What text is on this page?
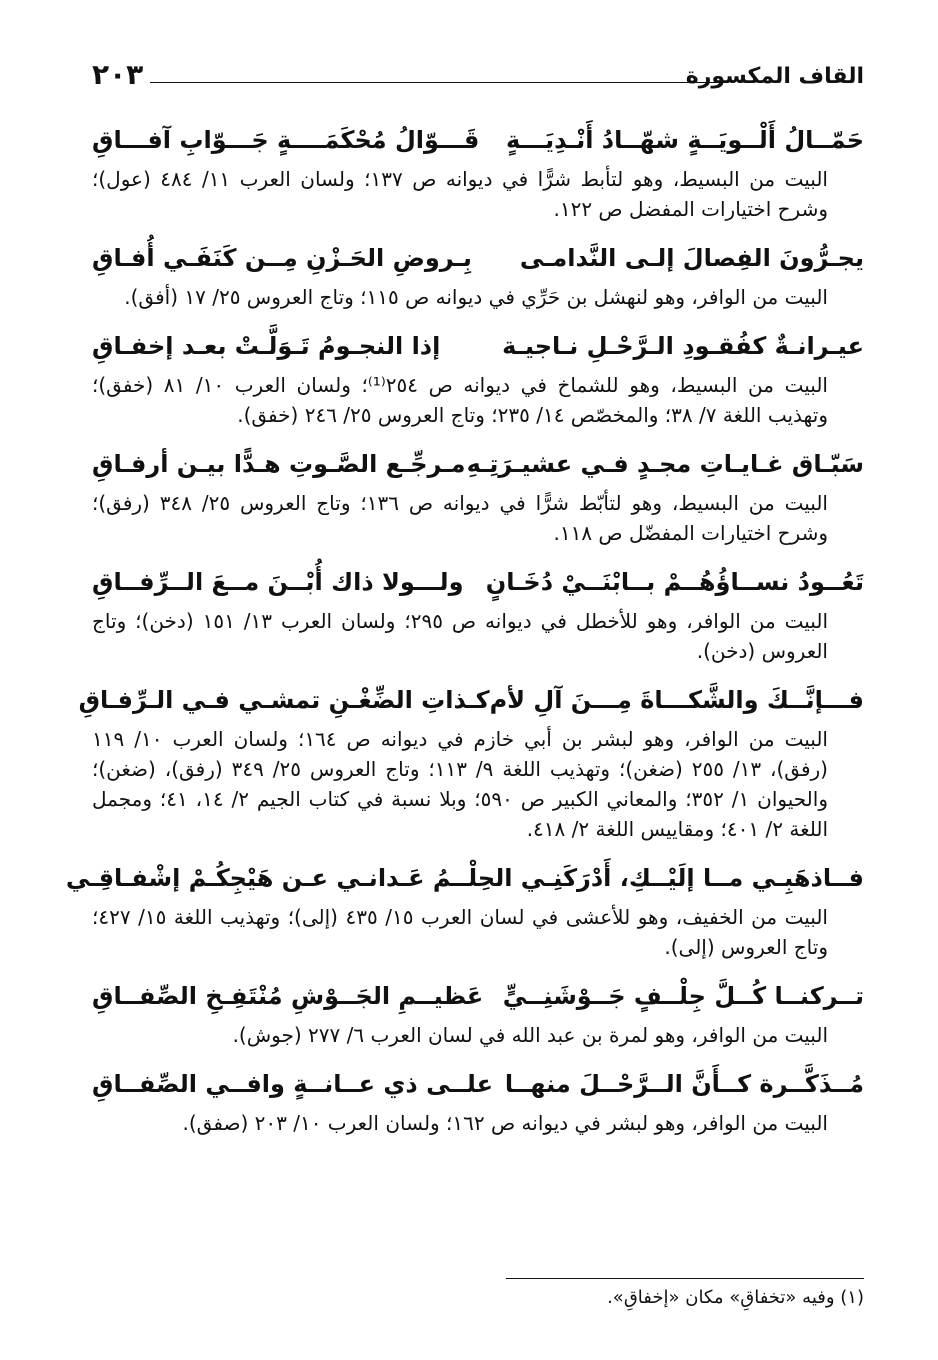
القاف المكسورة
٢٠٣
حَمّــالُ أَلْــويَــةٍ شهّــادُ أَنْـدِيَـــةٍ
قَـــوّالُ مُحْكَمَــــةٍ جَـــوّابِ آفـــاقِ
البيت من البسيط، وهو لتأبط شرًّا في ديوانه ص ١٣٧؛ ولسان العرب ١١/ ٤٨٤ (عول)؛ وشرح اختيارات المفضل ص ١٢٢.
يجـرُّونَ الفِصالَ إلـى النَّدامـى
بِـروضِ الحَـزْنِ مِــن كَنَفَـي أُفـاقِ
البيت من الوافر، وهو لنهشل بن حَرِّي في ديوانه ص ١١٥؛ وتاج العروس ٢٥/ ١٧ (أفق).
عيـرانـةٌ كفُقـودِ الـرَّحْـلِ نـاجيـة
إذا النجـومُ تَـوَلَّـتْ بعـد إخفـاقِ
البيت من البسيط، وهو للشماخ في ديوانه ص ٢٥٤⁽¹⁾؛ ولسان العرب ١٠/ ٨١ (خفق)؛ وتهذيب اللغة ٧/ ٣٨؛ والمخصّص ١٤/ ٢٣٥؛ وتاج العروس ٢٥/ ٢٤٦ (خفق).
سَبّـاق غـايـاتِ مجـدٍ فـي عشيـرَتِـهِ
مـرجِّـع الصَّـوتِ هـدًّا بيـن أرفـاقِ
البيت من البسيط، وهو لتأبّط شرًّا في ديوانه ص ١٣٦؛ وتاج العروس ٢٥/ ٣٤٨ (رفق)؛ وشرح اختيارات المفضّل ص ١١٨.
تَعُــودُ نســاؤُهُــمْ بــابْنَــيْ دُخَـانٍ
ولـــولا ذاك أُبْــنَ مــعَ الــرِّفــاقِ
البيت من الوافر، وهو للأخطل في ديوانه ص ٢٩٥؛ ولسان العرب ١٣/ ١٥١ (دخن)؛ وتاج العروس (دخن).
فـــإنَّــكَ والشَّكـــاةَ مِـــنَ آلِ لأم
كـذاتِ الضِّغْـنِ تمشـي فـي الـرِّفـاقِ
البيت من الوافر، وهو لبشر بن أبي خازم في ديوانه ص ١٦٤؛ ولسان العرب ١٠/ ١١٩ (رفق)، ١٣/ ٢٥٥ (ضغن)؛ وتهذيب اللغة ٩/ ١١٣؛ وتاج العروس ٢٥/ ٣٤٩ (رفق)، (ضغن)؛ والحيوان ١/ ٣٥٢؛ والمعاني الكبير ص ٥٩٠؛ وبلا نسبة في كتاب الجيم ٢/ ١٤، ٤١؛ ومجمل اللغة ٢/ ٤٠١؛ ومقاييس اللغة ٢/ ٤١٨.
فــاذهَبِـي مــا إلَيْــكِ، أَدْرَكَنِـي الحِلْـ
ـمُ عَـدانـي عـن هَيْجِكُـمْ إشْفـاقِـي
البيت من الخفيف، وهو للأعشى في لسان العرب ١٥/ ٤٣٥ (إلى)؛ وتهذيب اللغة ١٥/ ٤٢٧؛ وتاج العروس (إلى).
تــركنــا كُــلَّ جِلْــفٍ جَــوْشَنِــيٍّ
عَظيــمِ الجَــوْشِ مُنْتَفِـخِ الصِّفــاقِ
البيت من الوافر، وهو لمرة بن عبد الله في لسان العرب ٦/ ٢٧٧ (جوش).
مُــذَكَّــرة كــأَنَّ الــرَّحْــلَ منهــا
علــى ذي عــانــةٍ وافــي الصِّفــاقِ
البيت من الوافر، وهو لبشر في ديوانه ص ١٦٢؛ ولسان العرب ١٠/ ٢٠٣ (صفق).
(١) وفيه «تخفاقِ» مكان «إخفاقِ».
